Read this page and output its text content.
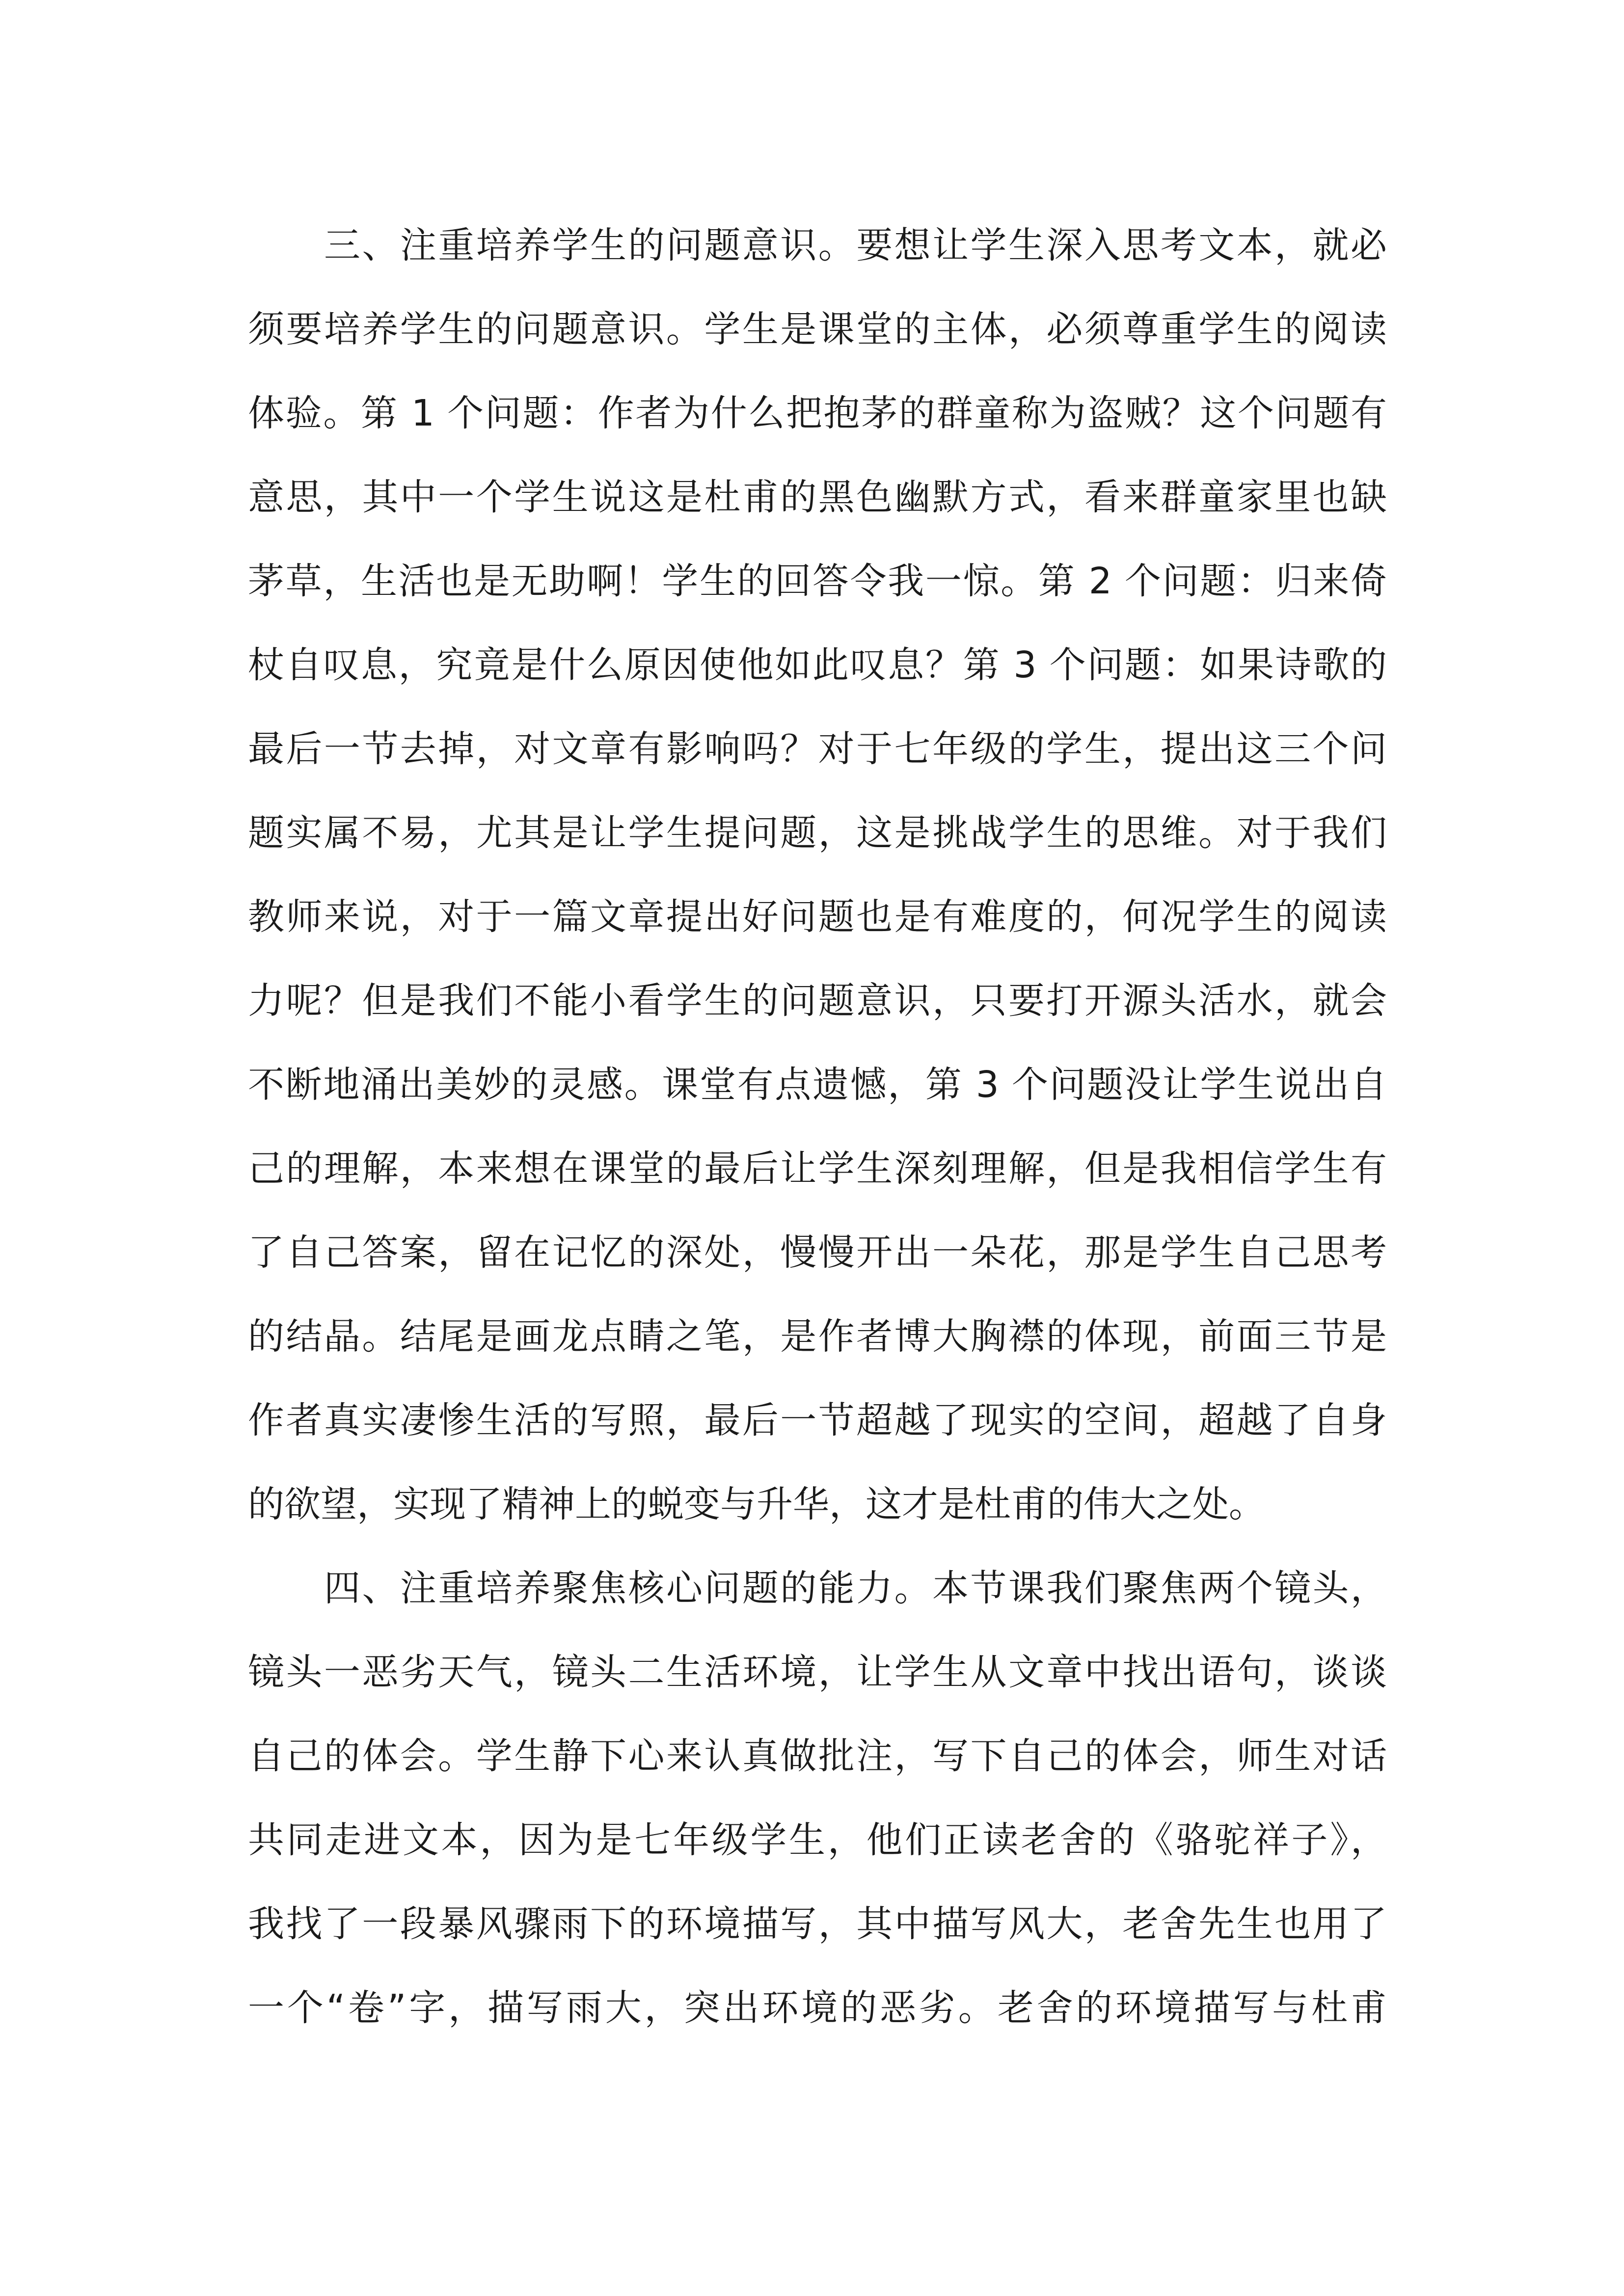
三、注重培养学生的问题意识。要想让学生深入思考文本，就必

须要培养学生的问题意识。学生是课堂的主体，必须尊重学生的阅读

体验。第 1 个问题：作者为什么把抱茅的群童称为盗贼？这个问题有

意思，其中一个学生说这是杜甫的黑色幽默方式，看来群童家里也缺

茅草，生活也是无助啊！学生的回答令我一惊。第 2 个问题：归来倚

杖自叹息，究竟是什么原因使他如此叹息？第 3 个问题：如果诗歌的

最后一节去掉，对文章有影响吗？对于七年级的学生，提出这三个问

题实属不易，尤其是让学生提问题，这是挑战学生的思维。对于我们

教师来说，对于一篇文章提出好问题也是有难度的，何况学生的阅读

力呢？但是我们不能小看学生的问题意识，只要打开源头活水，就会

不断地涌出美妙的灵感。课堂有点遗憾，第 3 个问题没让学生说出自

己的理解，本来想在课堂的最后让学生深刻理解，但是我相信学生有

了自己答案，留在记忆的深处，慢慢开出一朵花，那是学生自己思考

的结晶。结尾是画龙点睛之笔，是作者博大胸襟的体现，前面三节是

作者真实凄惨生活的写照，最后一节超越了现实的空间，超越了自身

的欲望，实现了精神上的蜕变与升华，这才是杜甫的伟大之处。

四、注重培养聚焦核心问题的能力。本节课我们聚焦两个镜头，

镜头一恶劣天气，镜头二生活环境，让学生从文章中找出语句，谈谈

自己的体会。学生静下心来认真做批注，写下自己的体会，师生对话

共同走进文本，因为是七年级学生，他们正读老舍的《骆驼祥子》，

我找了一段暴风骤雨下的环境描写，其中描写风大，老舍先生也用了

一个“卷”字，描写雨大，突出环境的恶劣。老舍的环境描写与杜甫
